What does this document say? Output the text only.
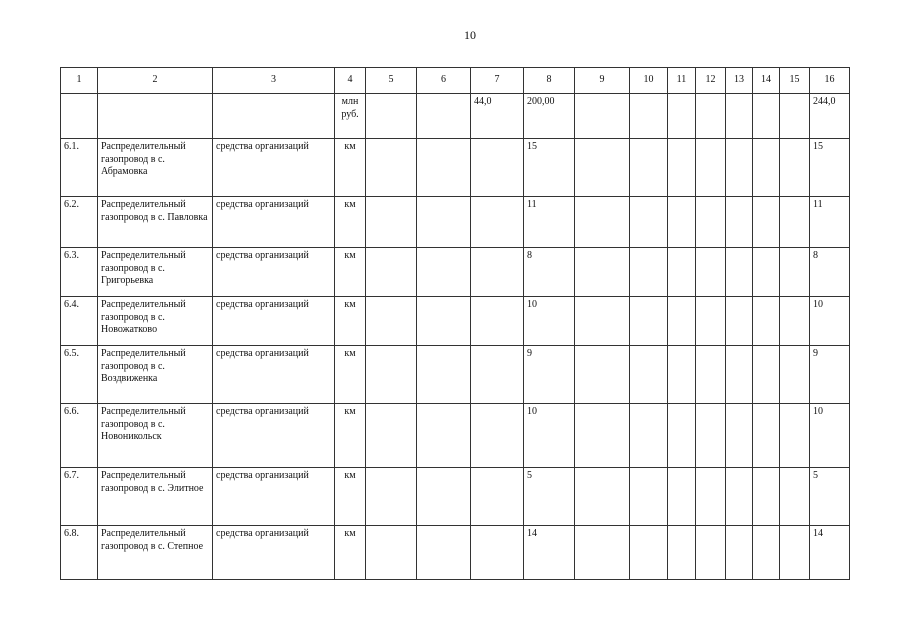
10
1	2	3	4	5	6	7	8	9	10	11	12	13	14	15	16
			млн руб.			44,0	200,00								244,0
6.1.	Распределительный газопровод в с. Абрамовка	средства организаций	км				15								15
6.2.	Распределительный газопровод в с. Павловка	средства организаций	км				11								11
6.3.	Распределительный газопровод в с. Григорьевка	средства организаций	км				8								8
6.4.	Распределительный газопровод в с. Новожатково	средства организаций	км				10								10
6.5.	Распределительный газопровод в с. Воздвиженка	средства организаций	км				9								9
6.6.	Распределительный газопровод в с. Новоникольск	средства организаций	км				10								10
6.7.	Распределительный газопровод в с. Элитное	средства организаций	км				5								5
6.8.	Распределительный газопровод в с. Степное	средства организаций	км				14								14
